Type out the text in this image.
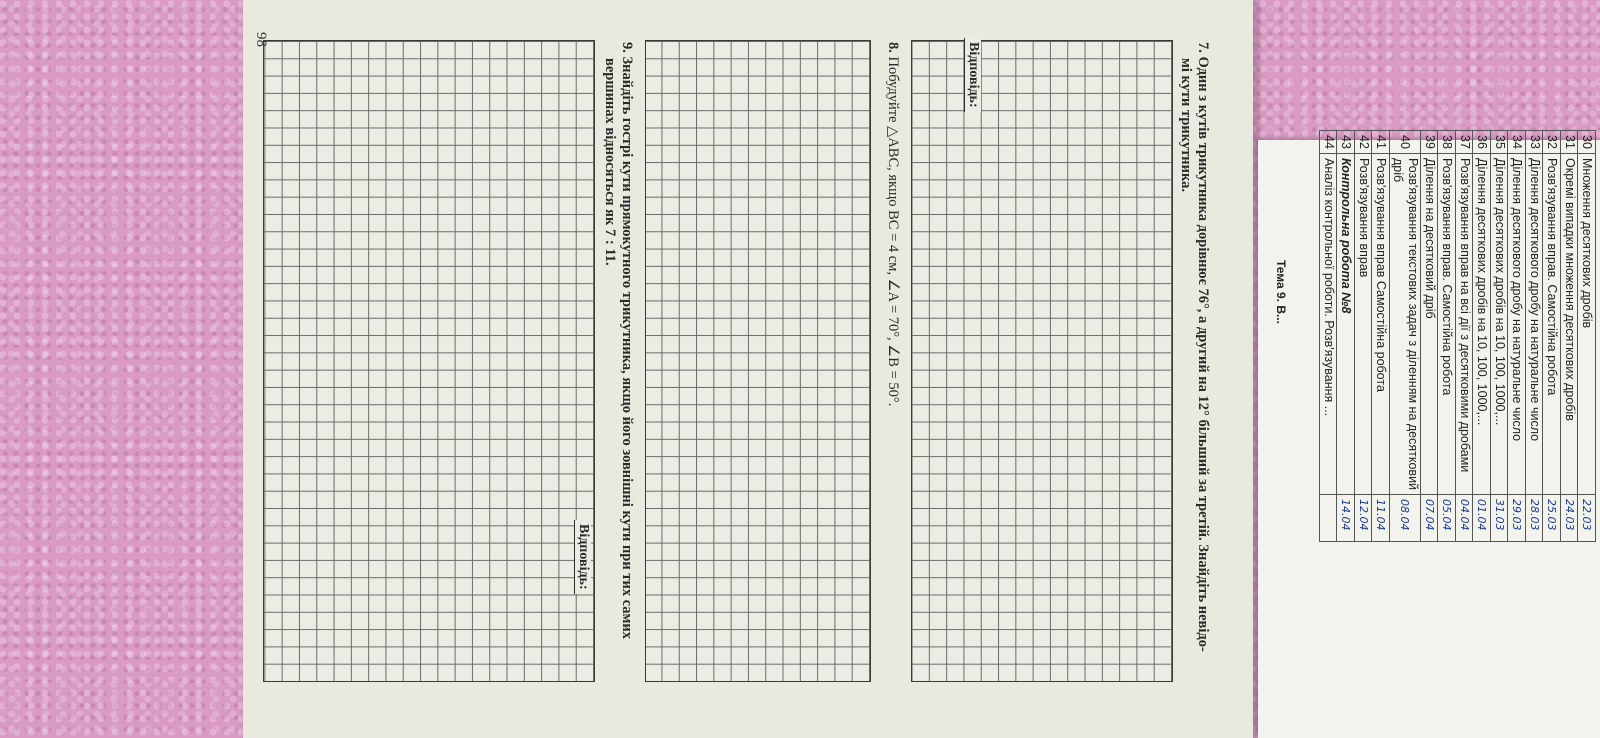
7. Один з кутів трикутника дорівнює 76°, а другий на 12° більший за третій. Знайдіть невідо-
мі кути трикутника.
Відповідь:
8. Побудуйте △ABC, якщо BC = 4 см, ∠A = 70°, ∠B = 50°.
9. Знайдіть гострі кути прямокутного трикутника, якщо його зовнішні кути при тих самих
вершинах відносяться як 7 : 11.
Відповідь:
98
30	Множення десяткових дробів	22.03
31	Окремі випадки множення десяткових дробів	24.03
32	Розв'язування вправ. Самостійна робота	25.03
33	Ділення десяткового дробу на натуральне число	28.03
34	Ділення десяткового дробу на натуральне число	29.03
35	Ділення десяткових дробів на 10, 100, 1000,...	31.03
36	Ділення десяткових дробів на 10, 100, 1000,...	01.04
37	Розв'язування вправ на всі дії з десятковими дробами	04.04
38	Розв'язування вправ. Самостійна робота	05.04
39	Ділення на десятковий дріб	07.04
40	Розв'язування текстових задач з діленням на десятковий
дріб	08.04
41	Розв'язування вправ Самостійна робота	11.04
42	Розв'язування вправ	12.04
43	Контрольна робота №8	14.04
44	Аналіз контрольної роботи. Розв'язування ...	
Тема 9. В...
